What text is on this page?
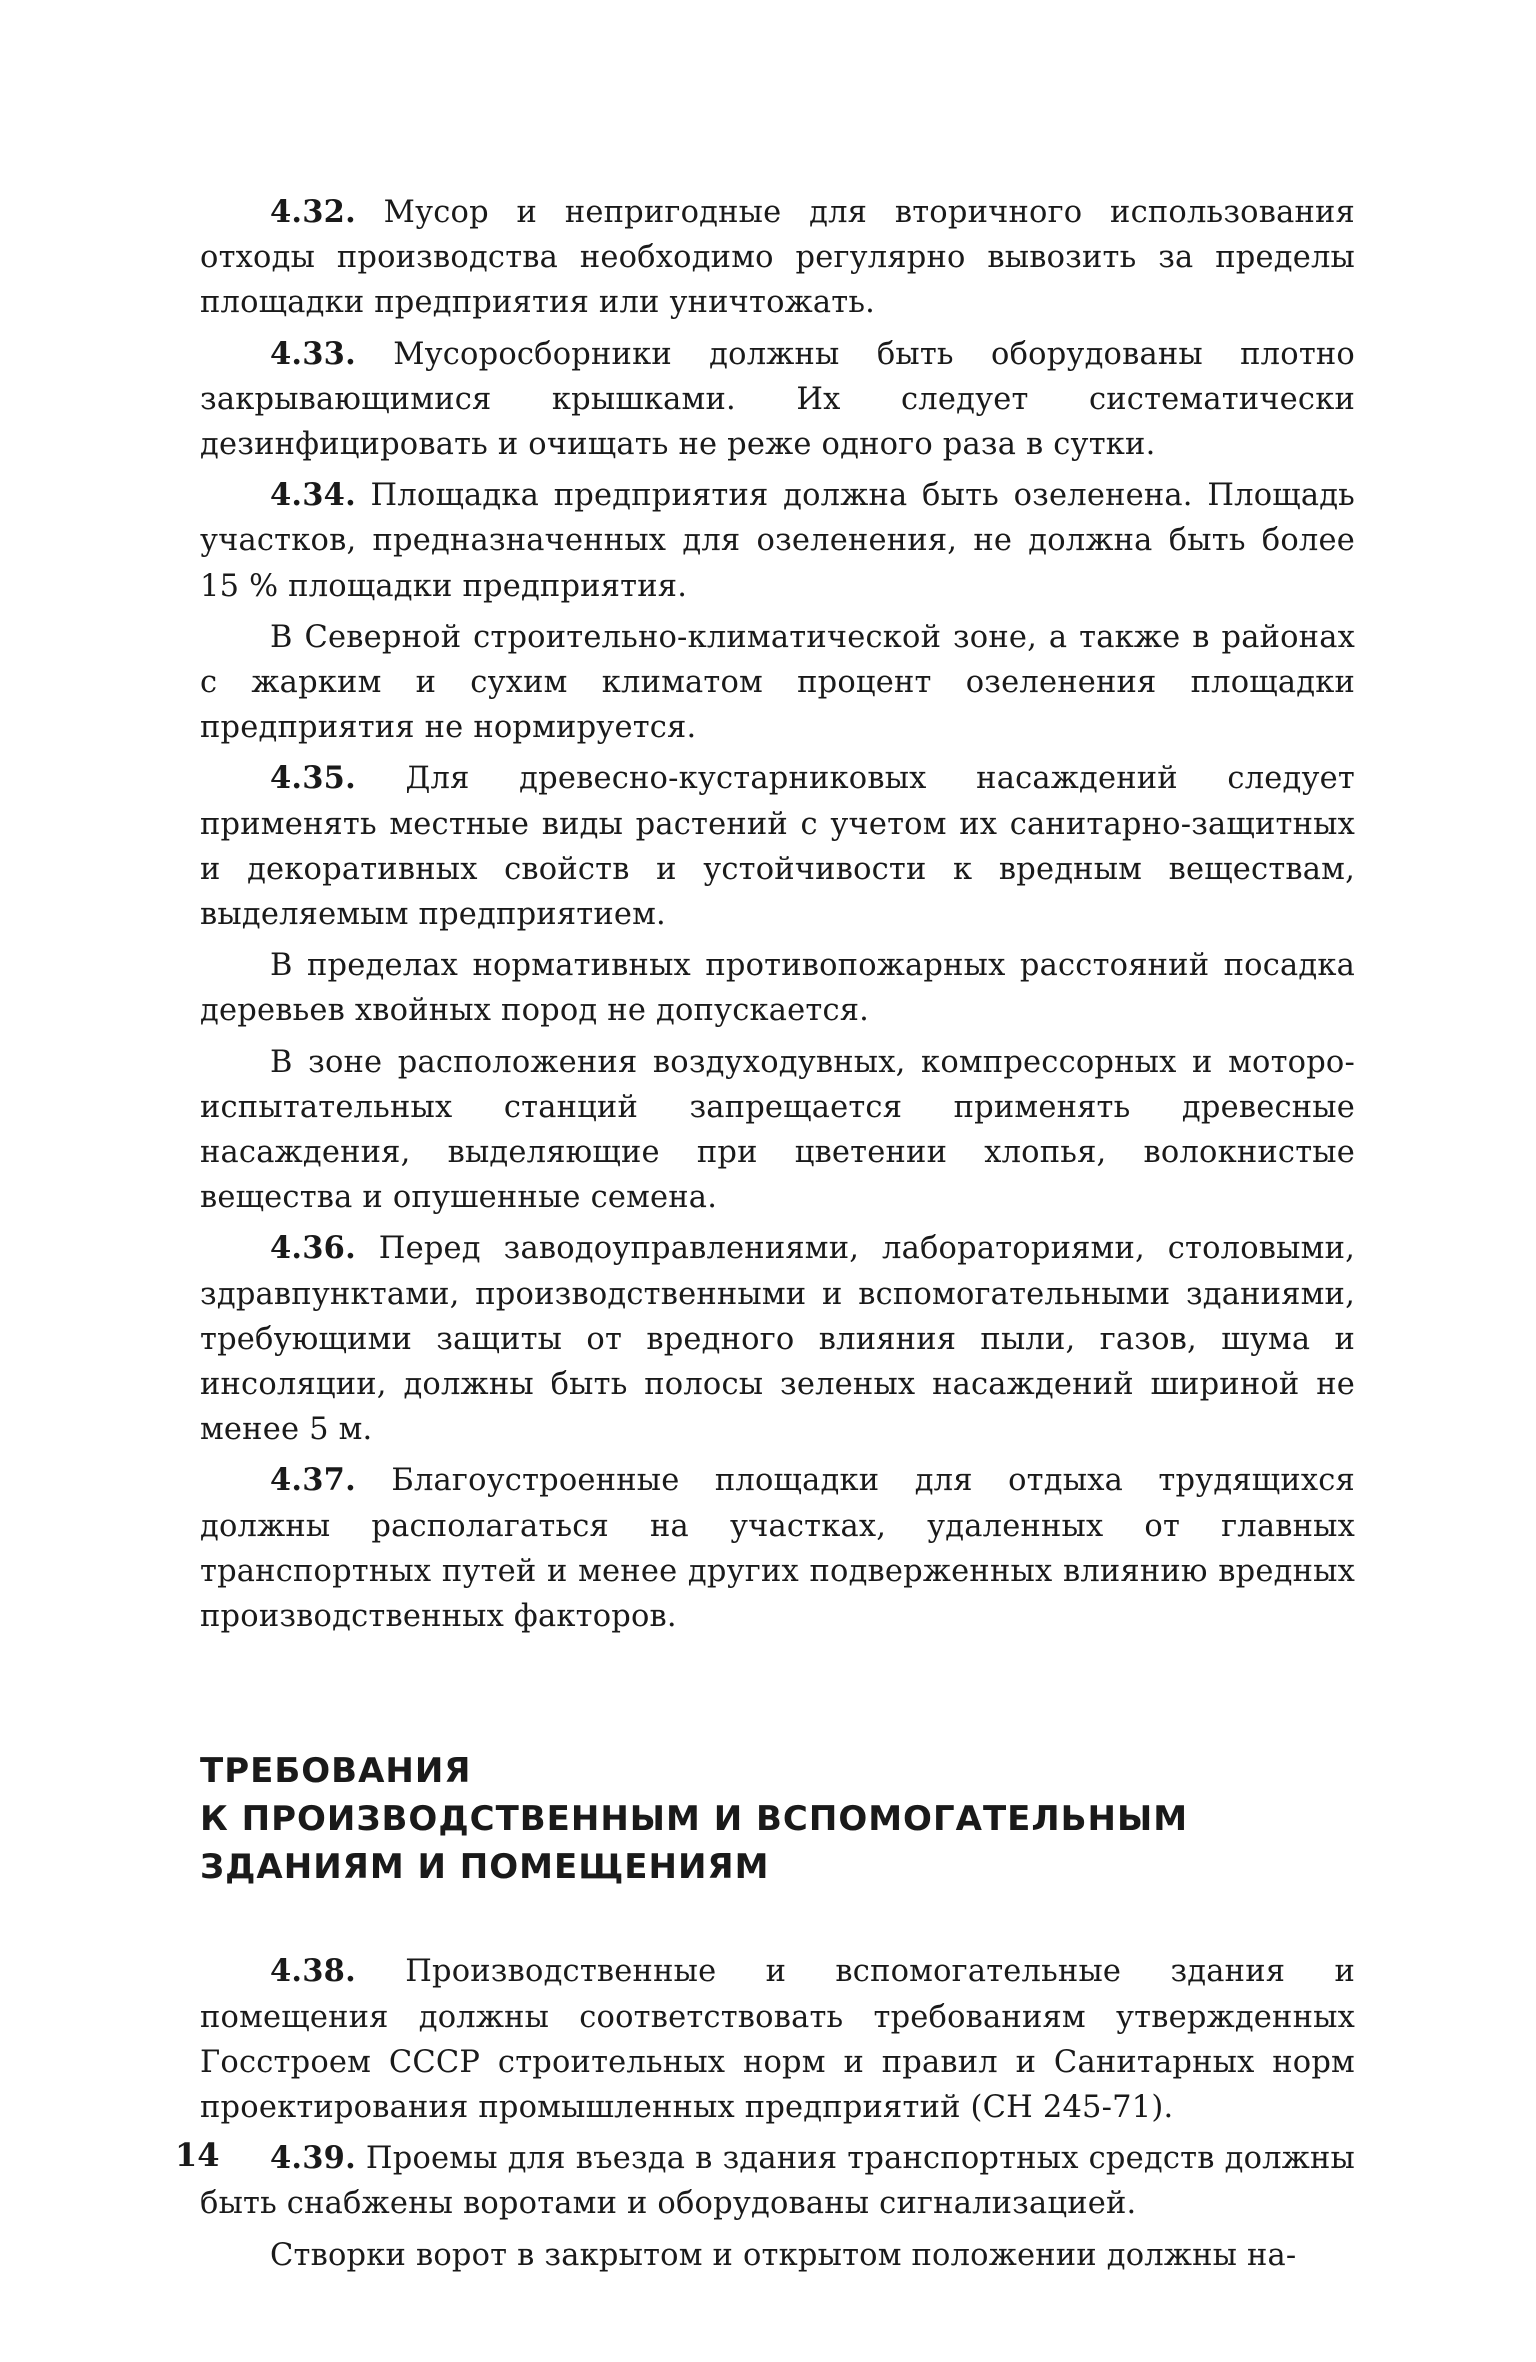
4.32. Мусор и непригодные для вторичного использования отходы производства необходимо регулярно вывозить за пределы площадки предприятия или уничтожать.

4.33. Мусоросборники должны быть оборудованы плотно закрывающимися крышками. Их следует систематически дезинфицировать и очищать не реже одного раза в сутки.

4.34. Площадка предприятия должна быть озеленена. Площадь участков, предназначенных для озеленения, не должна быть более 15 % площадки предприятия.

В Северной строительно-климатической зоне, а также в районах с жарким и сухим климатом процент озеленения площадки предприятия не нормируется.

4.35. Для древесно-кустарниковых насаждений следует применять местные виды растений с учетом их санитарно-защитных и декоративных свойств и устойчивости к вредным веществам, выделяемым предприятием.

В пределах нормативных противопожарных расстояний посадка деревьев хвойных пород не допускается.

В зоне расположения воздуходувных, компрессорных и моторо-испытательных станций запрещается применять древесные насаждения, выделяющие при цветении хлопья, волокнистые вещества и опушенные семена.

4.36. Перед заводоуправлениями, лабораториями, столовыми, здравпунктами, производственными и вспомогательными зданиями, требующими защиты от вредного влияния пыли, газов, шума и инсоляции, должны быть полосы зеленых насаждений шириной не менее 5 м.

4.37. Благоустроенные площадки для отдыха трудящихся должны располагаться на участках, удаленных от главных транспортных путей и менее других подверженных влиянию вредных производственных факторов.

ТРЕБОВАНИЯ
К ПРОИЗВОДСТВЕННЫМ И ВСПОМОГАТЕЛЬНЫМ
ЗДАНИЯМ И ПОМЕЩЕНИЯМ

4.38. Производственные и вспомогательные здания и помещения должны соответствовать требованиям утвержденных Госстроем СССР строительных норм и правил и Санитарных норм проектирования промышленных предприятий (СН 245-71).

4.39. Проемы для въезда в здания транспортных средств должны быть снабжены воротами и оборудованы сигнализацией.

Створки ворот в закрытом и открытом положении должны на-

14
